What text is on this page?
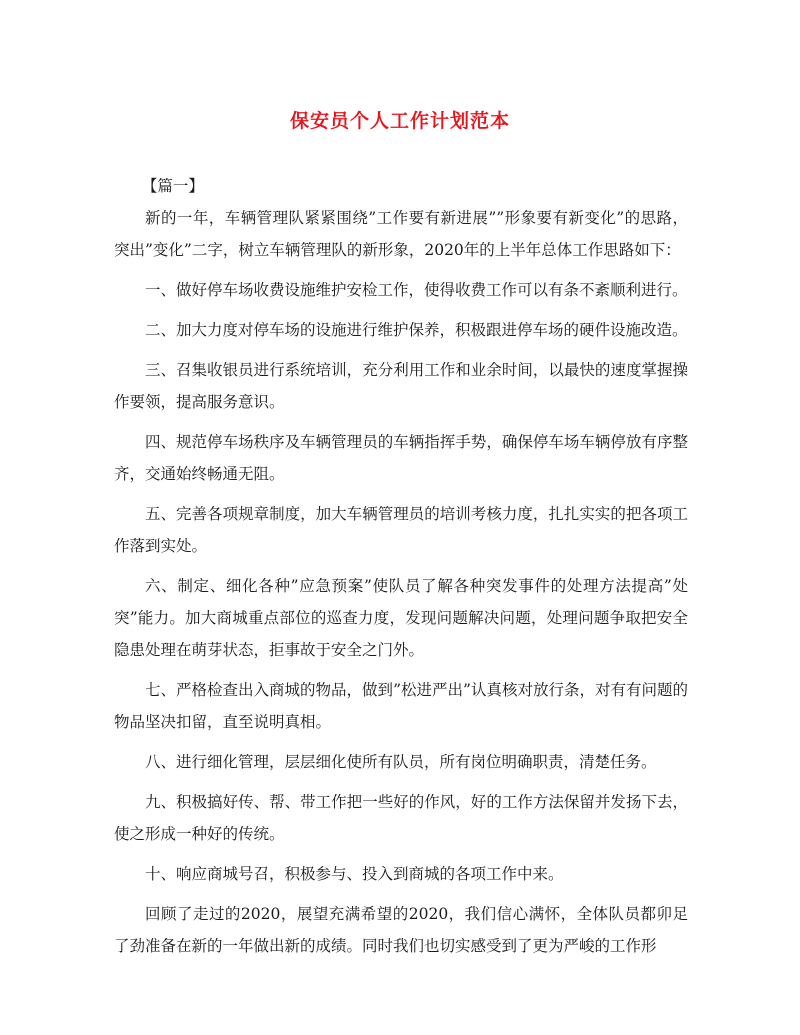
保安员个人工作计划范本

【篇一】

新的一年，车辆管理队紧紧围绕”工作要有新进展””形象要有新变化”的思路，突出”变化”二字，树立车辆管理队的新形象，2020年的上半年总体工作思路如下：

一、做好停车场收费设施维护安检工作，使得收费工作可以有条不紊顺利进行。

二、加大力度对停车场的设施进行维护保养，积极跟进停车场的硬件设施改造。

三、召集收银员进行系统培训，充分利用工作和业余时间，以最快的速度掌握操作要领，提高服务意识。

四、规范停车场秩序及车辆管理员的车辆指挥手势，确保停车场车辆停放有序整齐，交通始终畅通无阻。

五、完善各项规章制度，加大车辆管理员的培训考核力度，扎扎实实的把各项工作落到实处。

六、制定、细化各种”应急预案”使队员了解各种突发事件的处理方法提高”处突”能力。加大商城重点部位的巡查力度，发现问题解决问题，处理问题争取把安全隐患处理在萌芽状态，拒事故于安全之门外。

七、严格检查出入商城的物品，做到”松进严出”认真核对放行条，对有有问题的物品坚决扣留，直至说明真相。

八、进行细化管理，层层细化使所有队员，所有岗位明确职责，清楚任务。

九、积极搞好传、帮、带工作把一些好的作风，好的工作方法保留并发扬下去，使之形成一种好的传统。

十、响应商城号召，积极参与、投入到商城的各项工作中来。

回顾了走过的2020，展望充满希望的2020，我们信心满怀，全体队员都卯足了劲准备在新的一年做出新的成绩。同时我们也切实感受到了更为严峻的工作形
